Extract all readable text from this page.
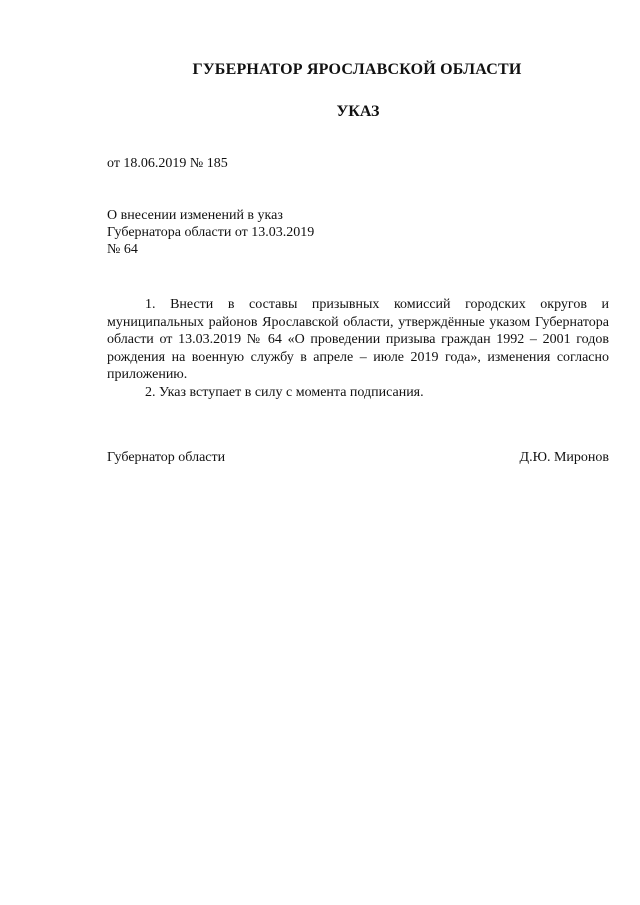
ГУБЕРНАТОР ЯРОСЛАВСКОЙ ОБЛАСТИ
УКАЗ
от 18.06.2019 № 185
О внесении изменений в указ
Губернатора области от 13.03.2019
№ 64

1. Внести в составы призывных комиссий городских округов и муниципальных районов Ярославской области, утверждённые указом Губернатора области от 13.03.2019 № 64 «О проведении призыва граждан 1992 – 2001 годов рождения на военную службу в апреле – июле 2019 года», изменения согласно приложению.

2. Указ вступает в силу с момента подписания.

Губернатор области	Д.Ю. Миронов
